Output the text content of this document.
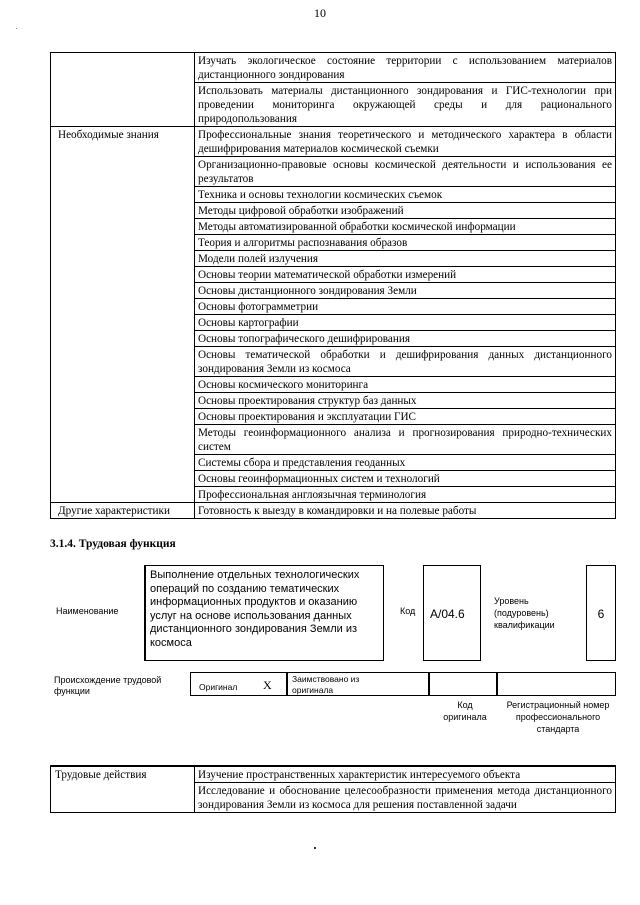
10
	Изучать экологическое состояние территории с использованием материалов дистанционного зондирования
	Использовать материалы дистанционного зондирования и ГИС-технологии при проведении мониторинга окружающей среды и для рационального природопользования
Необходимые знания	Профессиональные знания теоретического и методического характера в области дешифрирования материалов космической съемки
	Организационно-правовые основы космической деятельности и использования ее результатов
	Техника и основы технологии космических съемок
	Методы цифровой обработки изображений
	Методы автоматизированной обработки космической информации
	Теория и алгоритмы распознавания образов
	Модели полей излучения
	Основы теории математической обработки измерений
	Основы дистанционного зондирования Земли
	Основы фотограмметрии
	Основы картографии
	Основы топографического дешифрирования
	Основы тематической обработки и дешифрирования данных дистанционного зондирования Земли из космоса
	Основы космического мониторинга
	Основы проектирования структур баз данных
	Основы проектирования и эксплуатации ГИС
	Методы геоинформационного анализа и прогнозирования природно-технических систем
	Системы сбора и представления геоданных
	Основы геоинформационных систем и технологий
	Профессиональная англоязычная терминология
Другие характеристики	Готовность к выезду в командировки и на полевые работы
3.1.4. Трудовая функция
Наименование
Выполнение отдельных технологических операций по созданию тематических информационных продуктов и оказанию услуг на основе использования данных дистанционного зондирования Земли из космоса
Код	A/04.6
Уровень (подуровень) квалификации
6
Происхождение трудовой функции	Оригинал X Заимствовано из оригинала
Код оригинала
Регистрационный номер профессионального стандарта
Трудовые действия	Изучение пространственных характеристик интересуемого объекта
	Исследование и обоснование целесообразности применения метода дистанционного зондирования Земли из космоса для решения поставленной задачи
